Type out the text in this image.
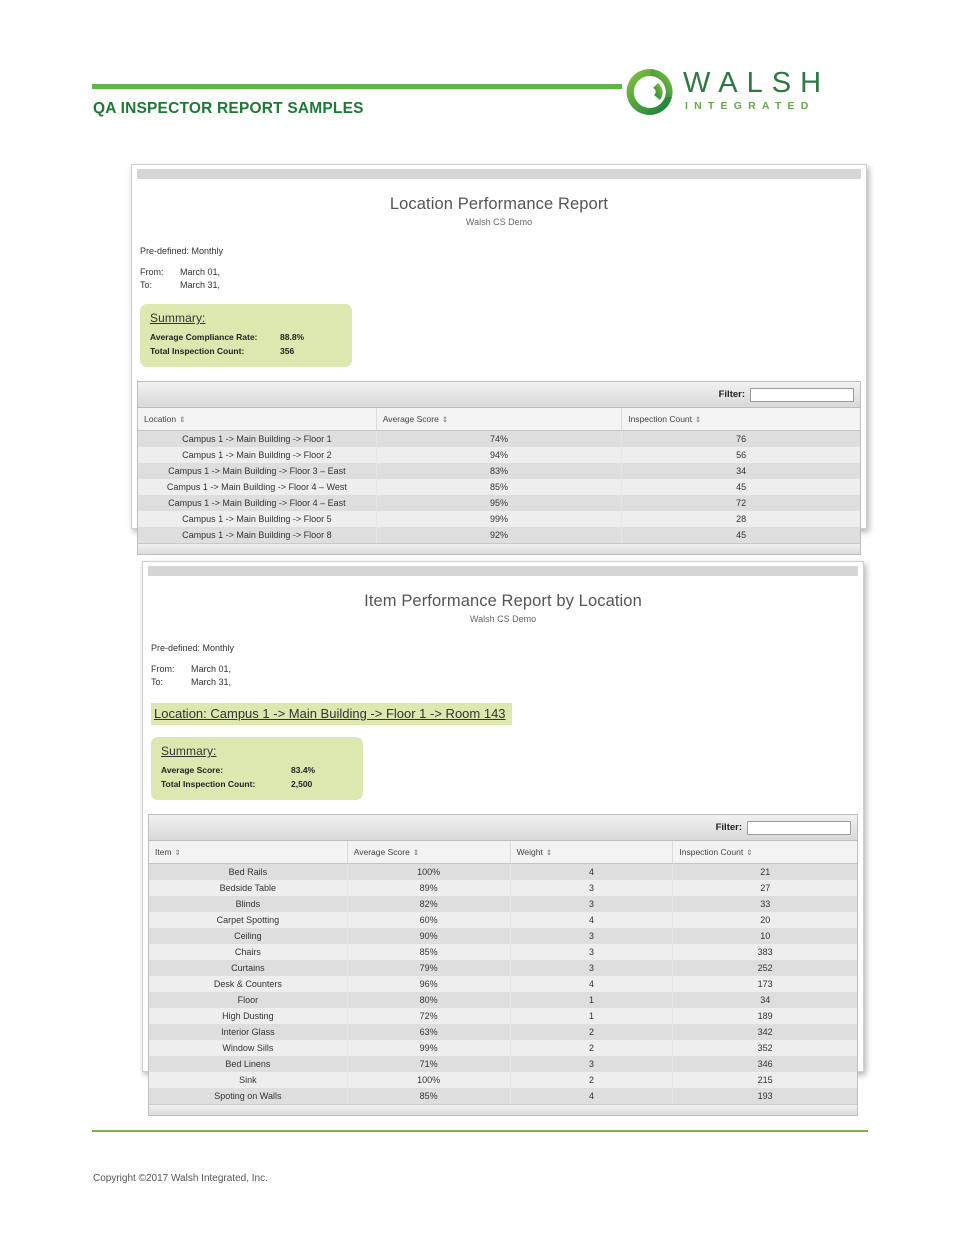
QA INSPECTOR REPORT SAMPLES
WALSH
INTEGRATED
Location Performance Report
Walsh CS Demo
Pre-defined: Monthly
From: March 01,
To:	March 31,
Summary:
Average Compliance Rate:	88.8%
Total Inspection Count:	356
Filter:
Location ⇕	Average Score ⇕	Inspection Count ⇕
Campus 1 -> Main Building -> Floor 1	74%	76
Campus 1 -> Main Building -> Floor 2	94%	56
Campus 1 -> Main Building -> Floor 3 – East	83%	34
Campus 1 -> Main Building -> Floor 4 – West	85%	45
Campus 1 -> Main Building -> Floor 4 – East	95%	72
Campus 1 -> Main Building -> Floor 5	99%	28
Campus 1 -> Main Building -> Floor 8	92%	45
Item Performance Report by Location
Walsh CS Demo
Pre-defined: Monthly
From: March 01,
To:	March 31,
Location: Campus 1 -> Main Building -> Floor 1 -> Room 143
Summary:
Average Score:	83.4%
Total Inspection Count:	2,500
Filter:
Item ⇕	Average Score ⇕	Weight ⇕	Inspection Count ⇕
Bed Rails	100%	4	21
Bedside Table	89%	3	27
Blinds	82%	3	33
Carpet Spotting	60%	4	20
Ceiling	90%	3	10
Chairs	85%	3	383
Curtains	79%	3	252
Desk & Counters	96%	4	173
Floor	80%	1	34
High Dusting	72%	1	189
Interior Glass	63%	2	342
Window Sills	99%	2	352
Bed Linens	71%	3	346
Sink	100%	2	215
Spoting on Walls	85%	4	193
Copyright ©2017 Walsh Integrated, Inc.
